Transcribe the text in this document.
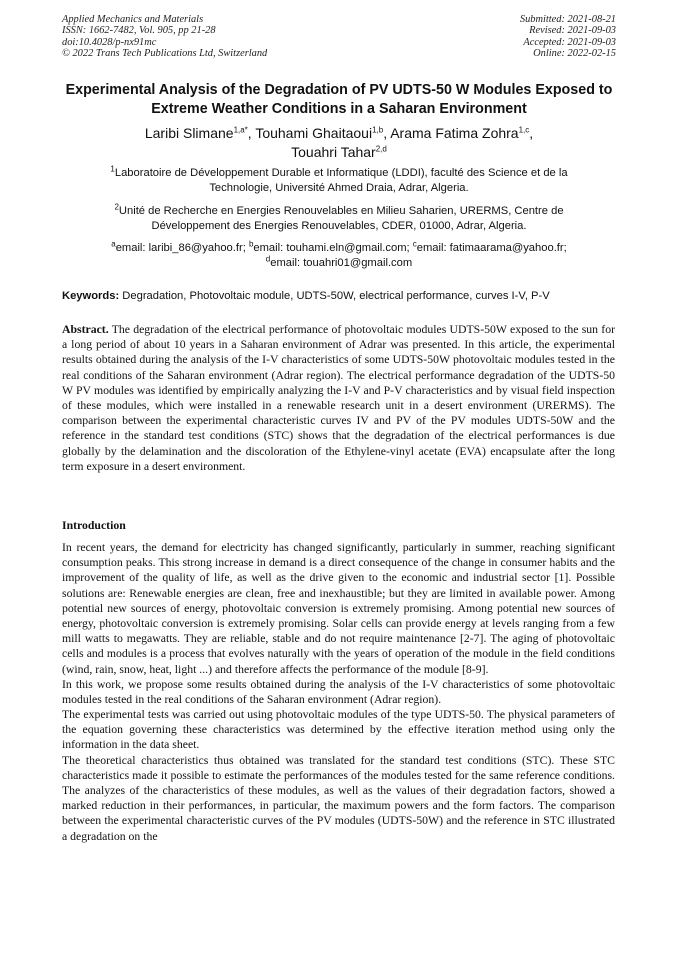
Applied Mechanics and Materials
ISSN: 1662-7482, Vol. 905, pp 21-28
doi:10.4028/p-nx91mc
© 2022 Trans Tech Publications Ltd, Switzerland
Submitted: 2021-08-21
Revised: 2021-09-03
Accepted: 2021-09-03
Online: 2022-02-15
Experimental Analysis of the Degradation of PV UDTS-50 W Modules Exposed to Extreme Weather Conditions in a Saharan Environment
Laribi Slimane$^{1,a*}$, Touhami Ghaitaoui$^{1,b}$, Arama Fatima Zohra$^{1,c}$,
Touahri Tahar$^{2,d}$
$^1$Laboratoire de Développement Durable et Informatique (LDDI), faculté des Science et de la Technologie, Université Ahmed Draia, Adrar, Algeria.
$^2$Unité de Recherche en Energies Renouvelables en Milieu Saharien, URERMS, Centre de Développement des Energies Renouvelables, CDER, 01000, Adrar, Algeria.
$^a$email: laribi_86@yahoo.fr; $^b$email: touhami.eln@gmail.com; $^c$email: fatimaarama@yahoo.fr;
$^d$email: touahri01@gmail.com
Keywords: Degradation, Photovoltaic module, UDTS-50W, electrical performance, curves I-V, P-V
Abstract. The degradation of the electrical performance of photovoltaic modules UDTS-50W exposed to the sun for a long period of about 10 years in a Saharan environment of Adrar was presented. In this article, the experimental results obtained during the analysis of the I-V characteristics of some UDTS-50W photovoltaic modules tested in the real conditions of the Saharan environment (Adrar region). The electrical performance degradation of the UDTS-50 W PV modules was identified by empirically analyzing the I-V and P-V characteristics and by visual field inspection of these modules, which were installed in a renewable research unit in a desert environment (URERMS). The comparison between the experimental characteristic curves IV and PV of the PV modules UDTS-50W and the reference in the standard test conditions (STC) shows that the degradation of the electrical performances is due globally by the delamination and the discoloration of the Ethylene-vinyl acetate (EVA) encapsulate after the long term exposure in a desert environment.
Introduction

In recent years, the demand for electricity has changed significantly, particularly in summer, reaching significant consumption peaks. This strong increase in demand is a direct consequence of the change in consumer habits and the improvement of the quality of life, as well as the drive given to the economic and industrial sector [1]. Possible solutions are: Renewable energies are clean, free and inexhaustible; but they are limited in available power. Among potential new sources of energy, photovoltaic conversion is extremely promising. Among potential new sources of energy, photovoltaic conversion is extremely promising. Solar cells can provide energy at levels ranging from a few mill watts to megawatts. They are reliable, stable and do not require maintenance [2-7]. The aging of photovoltaic cells and modules is a process that evolves naturally with the years of operation of the module in the field conditions (wind, rain, snow, heat, light ...) and therefore affects the performance of the module [8-9].

In this work, we propose some results obtained during the analysis of the I-V characteristics of some photovoltaic modules tested in the real conditions of the Saharan environment (Adrar region).

The experimental tests was carried out using photovoltaic modules of the type UDTS-50. The physical parameters of the equation governing these characteristics was determined by the effective iteration method using only the information in the data sheet.

The theoretical characteristics thus obtained was translated for the standard test conditions (STC). These STC characteristics made it possible to estimate the performances of the modules tested for the same reference conditions. The analyzes of the characteristics of these modules, as well as the values of their degradation factors, showed a marked reduction in their performances, in particular, the maximum powers and the form factors. The comparison between the experimental characteristic curves of the PV modules (UDTS-50W) and the reference in STC illustrated a degradation on the
